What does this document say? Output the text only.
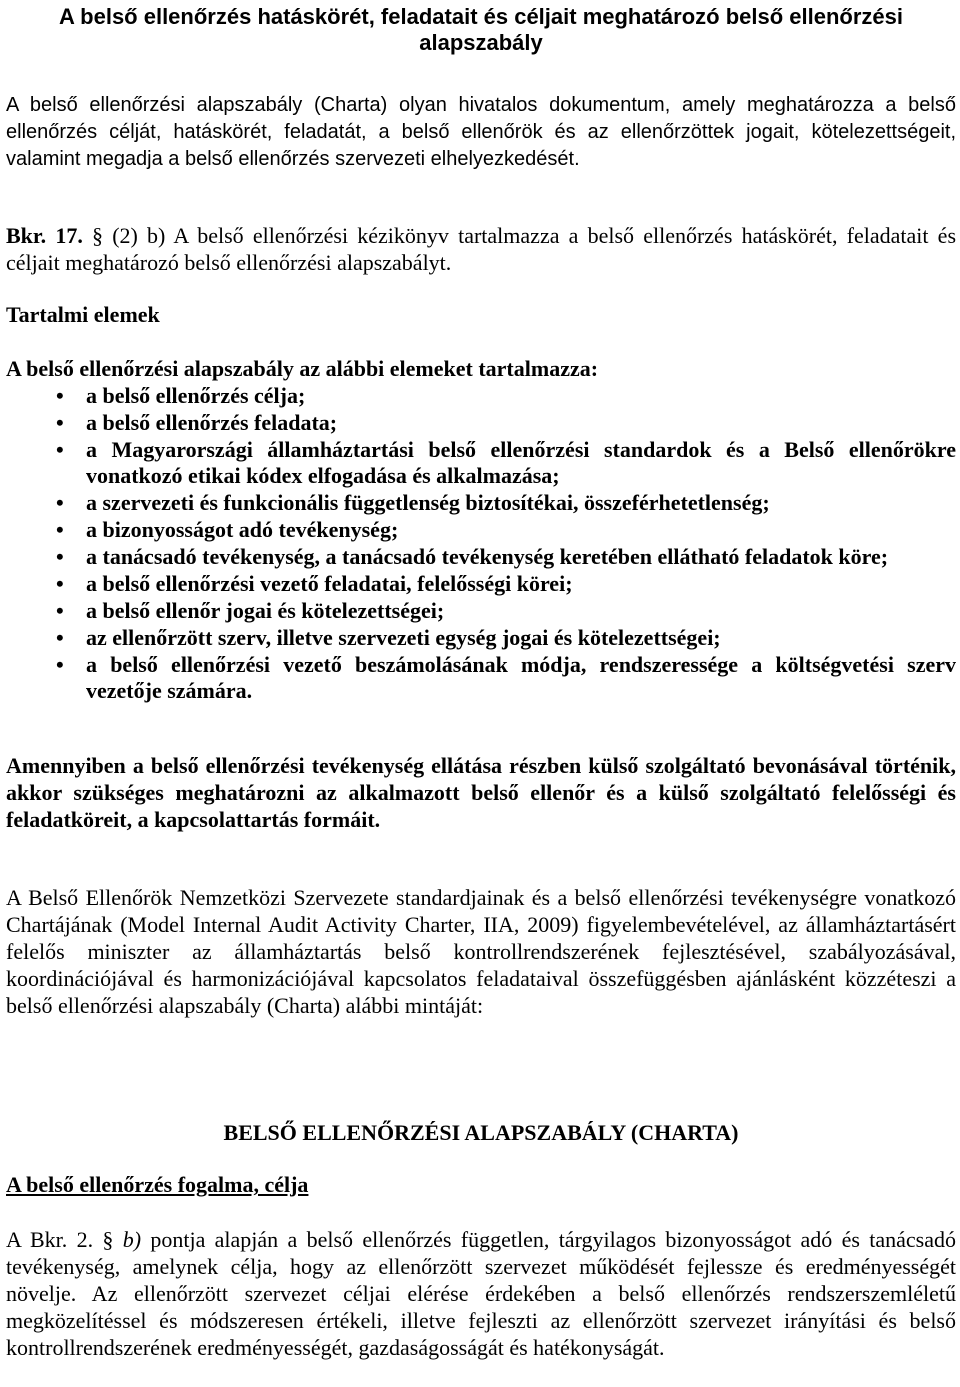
A belső ellenőrzés hatáskörét, feladatait és céljait meghatározó belső ellenőrzési alapszabály
A belső ellenőrzési alapszabály (Charta) olyan hivatalos dokumentum, amely meghatározza a belső ellenőrzés célját, hatáskörét, feladatát, a belső ellenőrök és az ellenőrzöttek jogait, kötelezettségeit, valamint megadja a belső ellenőrzés szervezeti elhelyezkedését.
Bkr. 17. § (2) b) A belső ellenőrzési kézikönyv tartalmazza a belső ellenőrzés hatáskörét, feladatait és céljait meghatározó belső ellenőrzési alapszabályt.
Tartalmi elemek
A belső ellenőrzési alapszabály az alábbi elemeket tartalmazza:
• a belső ellenőrzés célja;
• a belső ellenőrzés feladata;
• a Magyarországi államháztartási belső ellenőrzési standardok és a Belső ellenőrökre vonatkozó etikai kódex elfogadása és alkalmazása;
• a szervezeti és funkcionális függetlenség biztosítékai, összeférhetetlenség;
• a bizonyosságot adó tevékenység;
• a tanácsadó tevékenység, a tanácsadó tevékenység keretében ellátható feladatok köre;
• a belső ellenőrzési vezető feladatai, felelősségi körei;
• a belső ellenőr jogai és kötelezettségei;
• az ellenőrzött szerv, illetve szervezeti egység jogai és kötelezettségei;
• a belső ellenőrzési vezető beszámolásának módja, rendszeressége a költségvetési szerv vezetője számára.
Amennyiben a belső ellenőrzési tevékenység ellátása részben külső szolgáltató bevonásával történik, akkor szükséges meghatározni az alkalmazott belső ellenőr és a külső szolgáltató felelősségi és feladatköreit, a kapcsolattartás formáit.
A Belső Ellenőrök Nemzetközi Szervezete standardjainak és a belső ellenőrzési tevékenységre vonatkozó Chartájának (Model Internal Audit Activity Charter, IIA, 2009) figyelembevételével, az államháztartásért felelős miniszter az államháztartás belső kontrollrendszerének fejlesztésével, szabályozásával, koordinációjával és harmonizációjával kapcsolatos feladataival összefüggésben ajánlásként közzéteszi a belső ellenőrzési alapszabály (Charta) alábbi mintáját:
BELSŐ ELLENŐRZÉSI ALAPSZABÁLY (CHARTA)
A belső ellenőrzés fogalma, célja
A Bkr. 2. § b) pontja alapján a belső ellenőrzés független, tárgyilagos bizonyosságot adó és tanácsadó tevékenység, amelynek célja, hogy az ellenőrzött szervezet működését fejlessze és eredményességét növelje. Az ellenőrzött szervezet céljai elérése érdekében a belső ellenőrzés rendszerszemléletű megközelítéssel és módszeresen értékeli, illetve fejleszti az ellenőrzött szervezet irányítási és belső kontrollrendszerének eredményességét, gazdaságosságát és hatékonyságát.
